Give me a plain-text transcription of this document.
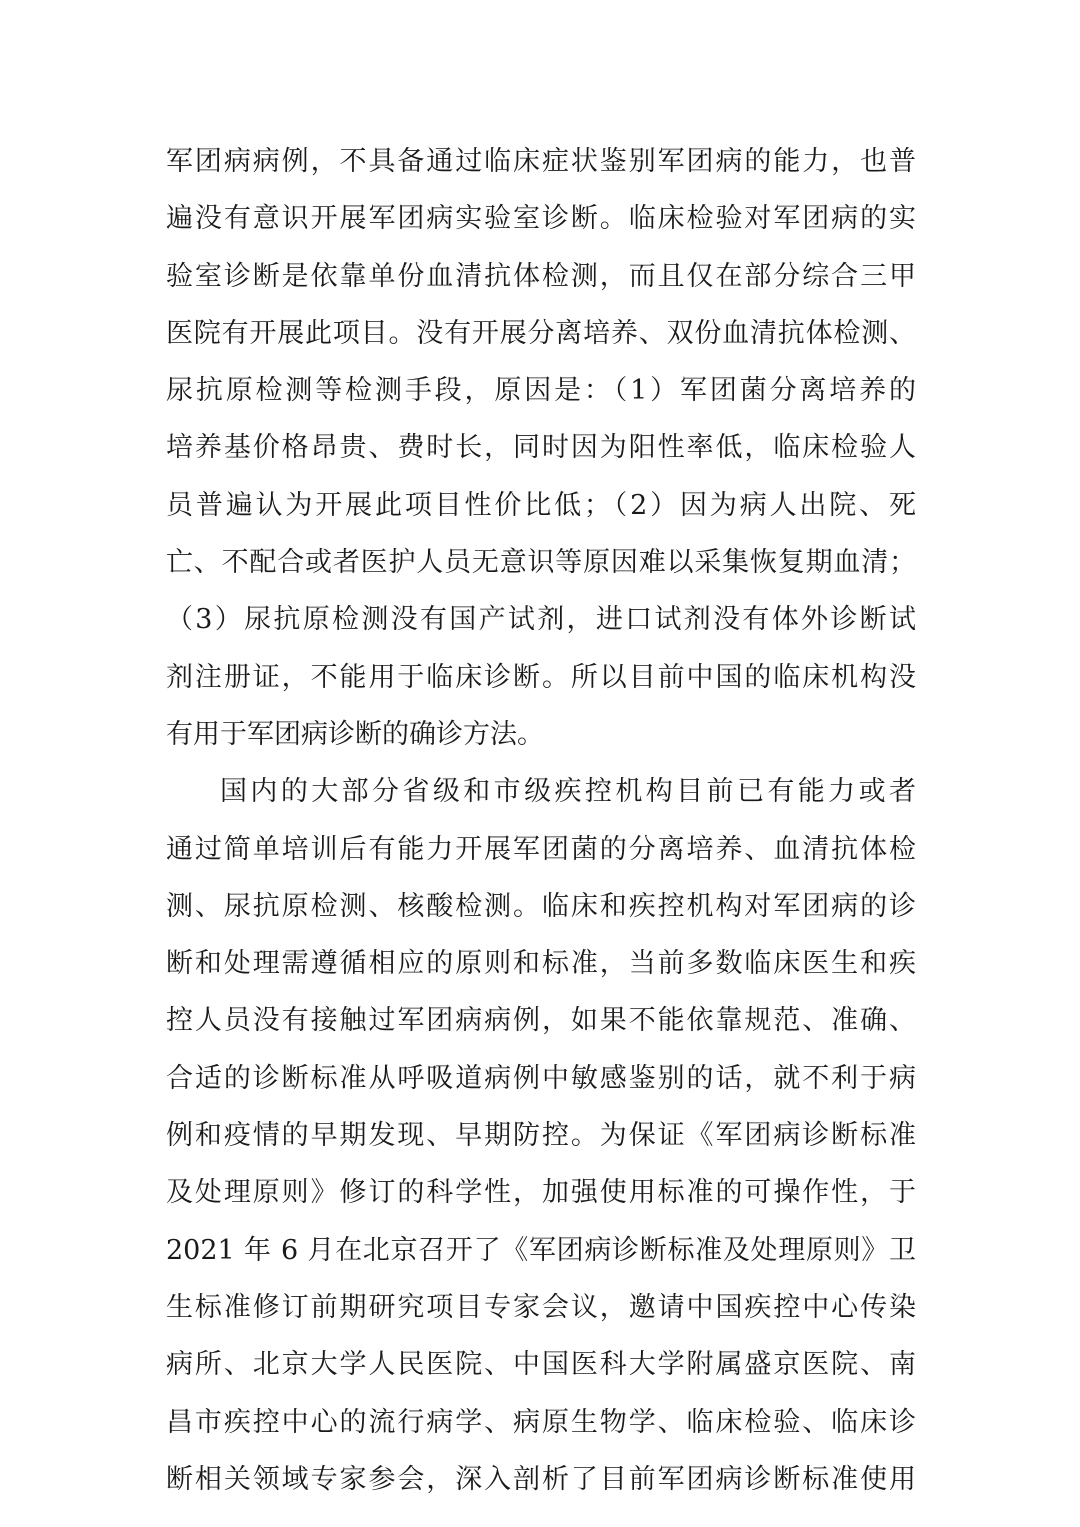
军团病病例，不具备通过临床症状鉴别军团病的能力，也普
遍没有意识开展军团病实验室诊断。临床检验对军团病的实
验室诊断是依靠单份血清抗体检测，而且仅在部分综合三甲
医院有开展此项目。没有开展分离培养、双份血清抗体检测、
尿抗原检测等检测手段，原因是：（1）军团菌分离培养的
培养基价格昂贵、费时长，同时因为阳性率低，临床检验人
员普遍认为开展此项目性价比低；（2）因为病人出院、死
亡、不配合或者医护人员无意识等原因难以采集恢复期血清；
（3）尿抗原检测没有国产试剂，进口试剂没有体外诊断试
剂注册证，不能用于临床诊断。所以目前中国的临床机构没
有用于军团病诊断的确诊方法。
国内的大部分省级和市级疾控机构目前已有能力或者
通过简单培训后有能力开展军团菌的分离培养、血清抗体检
测、尿抗原检测、核酸检测。临床和疾控机构对军团病的诊
断和处理需遵循相应的原则和标准，当前多数临床医生和疾
控人员没有接触过军团病病例，如果不能依靠规范、准确、
合适的诊断标准从呼吸道病例中敏感鉴别的话，就不利于病
例和疫情的早期发现、早期防控。为保证《军团病诊断标准
及处理原则》修订的科学性，加强使用标准的可操作性，于
2021 年 6 月在北京召开了《军团病诊断标准及处理原则》卫
生标准修订前期研究项目专家会议，邀请中国疾控中心传染
病所、北京大学人民医院、中国医科大学附属盛京医院、南
昌市疾控中心的流行病学、病原生物学、临床检验、临床诊
断相关领域专家参会，深入剖析了目前军团病诊断标准使用
